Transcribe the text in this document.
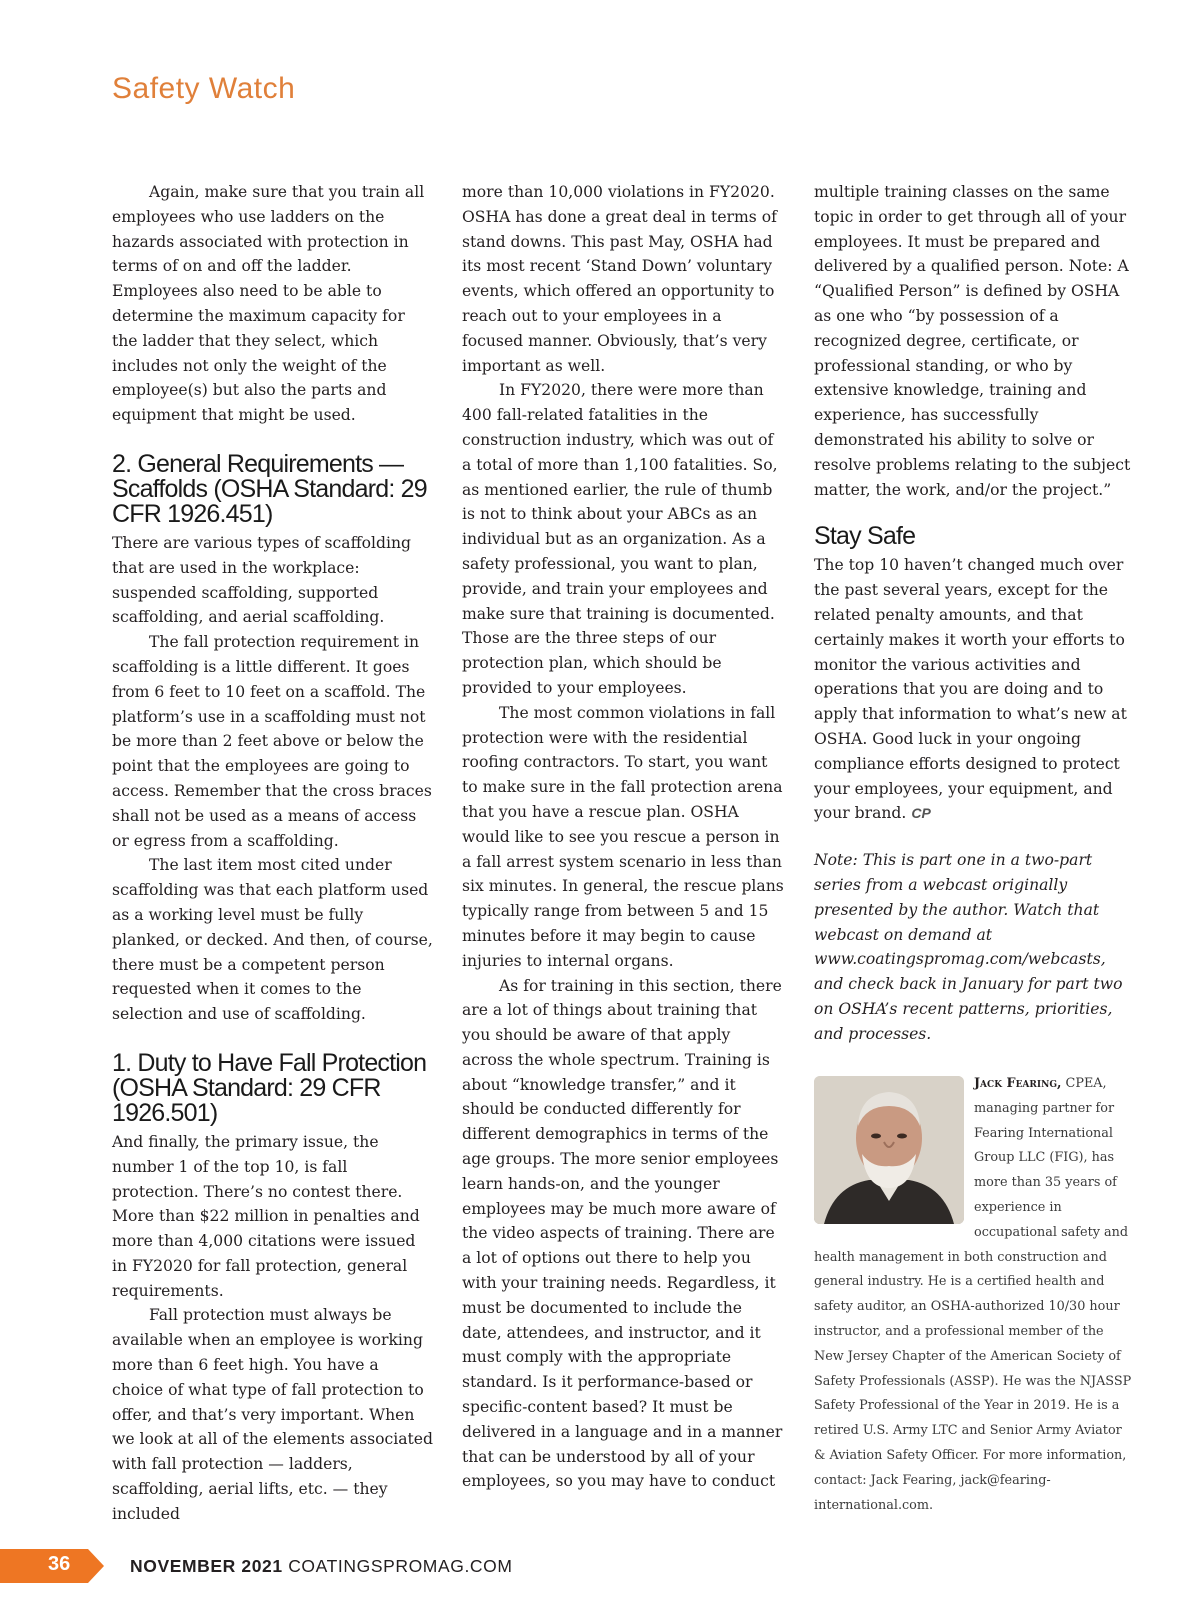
Safety Watch

Again, make sure that you train all employees who use ladders on the hazards associated with protection in terms of on and off the ladder. Employees also need to be able to determine the maximum capacity for the ladder that they select, which includes not only the weight of the employee(s) but also the parts and equipment that might be used.

2. General Requirements — Scaffolds (OSHA Standard: 29 CFR 1926.451)

There are various types of scaffolding that are used in the workplace: suspended scaffolding, supported scaffolding, and aerial scaffolding.

The fall protection requirement in scaffolding is a little different. It goes from 6 feet to 10 feet on a scaffold. The platform’s use in a scaffolding must not be more than 2 feet above or below the point that the employees are going to access. Remember that the cross braces shall not be used as a means of access or egress from a scaffolding.

The last item most cited under scaffolding was that each platform used as a working level must be fully planked, or decked. And then, of course, there must be a competent person requested when it comes to the selection and use of scaffolding.

1. Duty to Have Fall Protection (OSHA Standard: 29 CFR 1926.501)

And finally, the primary issue, the number 1 of the top 10, is fall protection. There’s no contest there. More than $22 million in penalties and more than 4,000 citations were issued in FY2020 for fall protection, general requirements.

Fall protection must always be available when an employee is working more than 6 feet high. You have a choice of what type of fall protection to offer, and that’s very important. When we look at all of the elements associated with fall protection — ladders, scaffolding, aerial lifts, etc. — they included

more than 10,000 violations in FY2020. OSHA has done a great deal in terms of stand downs. This past May, OSHA had its most recent ‘Stand Down’ voluntary events, which offered an opportunity to reach out to your employees in a focused manner. Obviously, that’s very important as well.

In FY2020, there were more than 400 fall-related fatalities in the construction industry, which was out of a total of more than 1,100 fatalities. So, as mentioned earlier, the rule of thumb is not to think about your ABCs as an individual but as an organization. As a safety professional, you want to plan, provide, and train your employees and make sure that training is documented. Those are the three steps of our protection plan, which should be provided to your employees.

The most common violations in fall protection were with the residential roofing contractors. To start, you want to make sure in the fall protection arena that you have a rescue plan. OSHA would like to see you rescue a person in a fall arrest system scenario in less than six minutes. In general, the rescue plans typically range from between 5 and 15 minutes before it may begin to cause injuries to internal organs.

As for training in this section, there are a lot of things about training that you should be aware of that apply across the whole spectrum. Training is about “knowledge transfer,” and it should be conducted differently for different demographics in terms of the age groups. The more senior employees learn hands-on, and the younger employees may be much more aware of the video aspects of training. There are a lot of options out there to help you with your training needs. Regardless, it must be documented to include the date, attendees, and instructor, and it must comply with the appropriate standard. Is it performance-based or specific-content based? It must be delivered in a language and in a manner that can be understood by all of your employees, so you may have to conduct

multiple training classes on the same topic in order to get through all of your employees. It must be prepared and delivered by a qualified person. Note: A “Qualified Person” is defined by OSHA as one who “by possession of a recognized degree, certificate, or professional standing, or who by extensive knowledge, training and experience, has successfully demonstrated his ability to solve or resolve problems relating to the subject matter, the work, and/or the project.”

Stay Safe

The top 10 haven’t changed much over the past several years, except for the related penalty amounts, and that certainly makes it worth your efforts to monitor the various activities and operations that you are doing and to apply that information to what’s new at OSHA. Good luck in your ongoing compliance efforts designed to protect your employees, your equipment, and your brand. CP

Note: This is part one in a two-part series from a webcast originally presented by the author. Watch that webcast on demand at www.coatingspromag.com/webcasts, and check back in January for part two on OSHA’s recent patterns, priorities, and processes.

Jack Fearing, CPEA, managing partner for Fearing International Group LLC (FIG), has more than 35 years of experience in occupational safety and health management in both construction and general industry. He is a certified health and safety auditor, an OSHA-authorized 10/30 hour instructor, and a professional member of the New Jersey Chapter of the American Society of Safety Professionals (ASSP). He was the NJASSP Safety Professional of the Year in 2019. He is a retired U.S. Army LTC and Senior Army Aviator & Aviation Safety Officer. For more information, contact: Jack Fearing, jack@fearing-international.com.
36	NOVEMBER 2021 COATINGSPROMAG.COM
